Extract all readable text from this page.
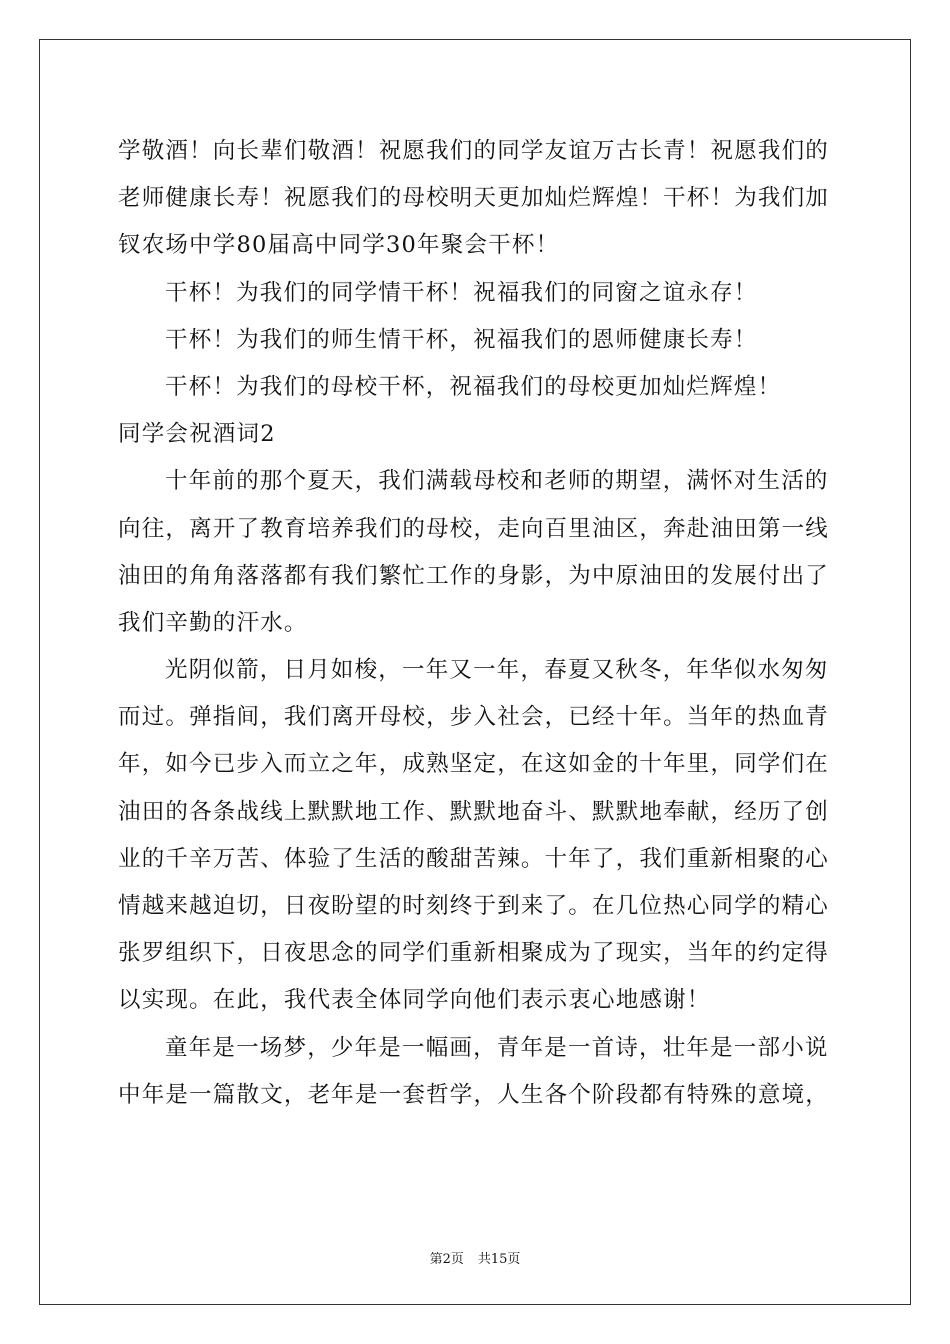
学敬酒！向长辈们敬酒！祝愿我们的同学友谊万古长青！祝愿我们的
老师健康长寿！祝愿我们的母校明天更加灿烂辉煌！干杯！为我们加
钗农场中学80届高中同学30年聚会干杯！
干杯！为我们的同学情干杯！祝福我们的同窗之谊永存！
干杯！为我们的师生情干杯，祝福我们的恩师健康长寿！
干杯！为我们的母校干杯，祝福我们的母校更加灿烂辉煌！
同学会祝酒词2
十年前的那个夏天，我们满载母校和老师的期望，满怀对生活的
向往，离开了教育培养我们的母校，走向百里油区，奔赴油田第一线
油田的角角落落都有我们繁忙工作的身影，为中原油田的发展付出了
我们辛勤的汗水。
光阴似箭，日月如梭，一年又一年，春夏又秋冬，年华似水匆匆
而过。弹指间，我们离开母校，步入社会，已经十年。当年的热血青
年，如今已步入而立之年，成熟坚定，在这如金的十年里，同学们在
油田的各条战线上默默地工作、默默地奋斗、默默地奉献，经历了创
业的千辛万苦、体验了生活的酸甜苦辣。十年了，我们重新相聚的心
情越来越迫切，日夜盼望的时刻终于到来了。在几位热心同学的精心
张罗组织下，日夜思念的同学们重新相聚成为了现实，当年的约定得
以实现。在此，我代表全体同学向他们表示衷心地感谢！
童年是一场梦，少年是一幅画，青年是一首诗，壮年是一部小说
中年是一篇散文，老年是一套哲学，人生各个阶段都有特殊的意境，
第2页 共15页
